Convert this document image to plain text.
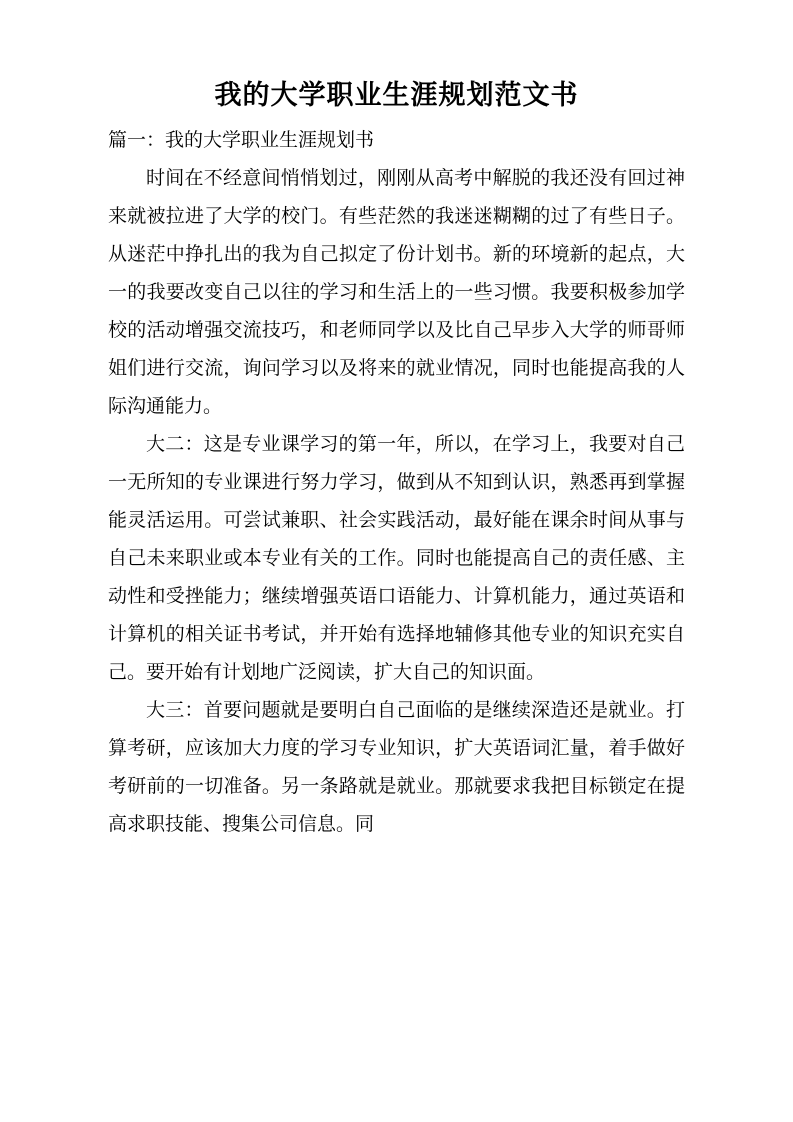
我的大学职业生涯规划范文书

篇一：我的大学职业生涯规划书

时间在不经意间悄悄划过，刚刚从高考中解脱的我还没有回过神来就被拉进了大学的校门。有些茫然的我迷迷糊糊的过了有些日子。从迷茫中挣扎出的我为自己拟定了份计划书。新的环境新的起点，大一的我要改变自己以往的学习和生活上的一些习惯。我要积极参加学校的活动增强交流技巧，和老师同学以及比自己早步入大学的师哥师姐们进行交流，询问学习以及将来的就业情况，同时也能提高我的人际沟通能力。

大二：这是专业课学习的第一年，所以，在学习上，我要对自己一无所知的专业课进行努力学习，做到从不知到认识，熟悉再到掌握能灵活运用。可尝试兼职、社会实践活动，最好能在课余时间从事与自己未来职业或本专业有关的工作。同时也能提高自己的责任感、主动性和受挫能力；继续增强英语口语能力、计算机能力，通过英语和计算机的相关证书考试，并开始有选择地辅修其他专业的知识充实自己。要开始有计划地广泛阅读，扩大自己的知识面。

大三：首要问题就是要明白自己面临的是继续深造还是就业。打算考研，应该加大力度的学习专业知识，扩大英语词汇量，着手做好考研前的一切准备。另一条路就是就业。那就要求我把目标锁定在提高求职技能、搜集公司信息。同
